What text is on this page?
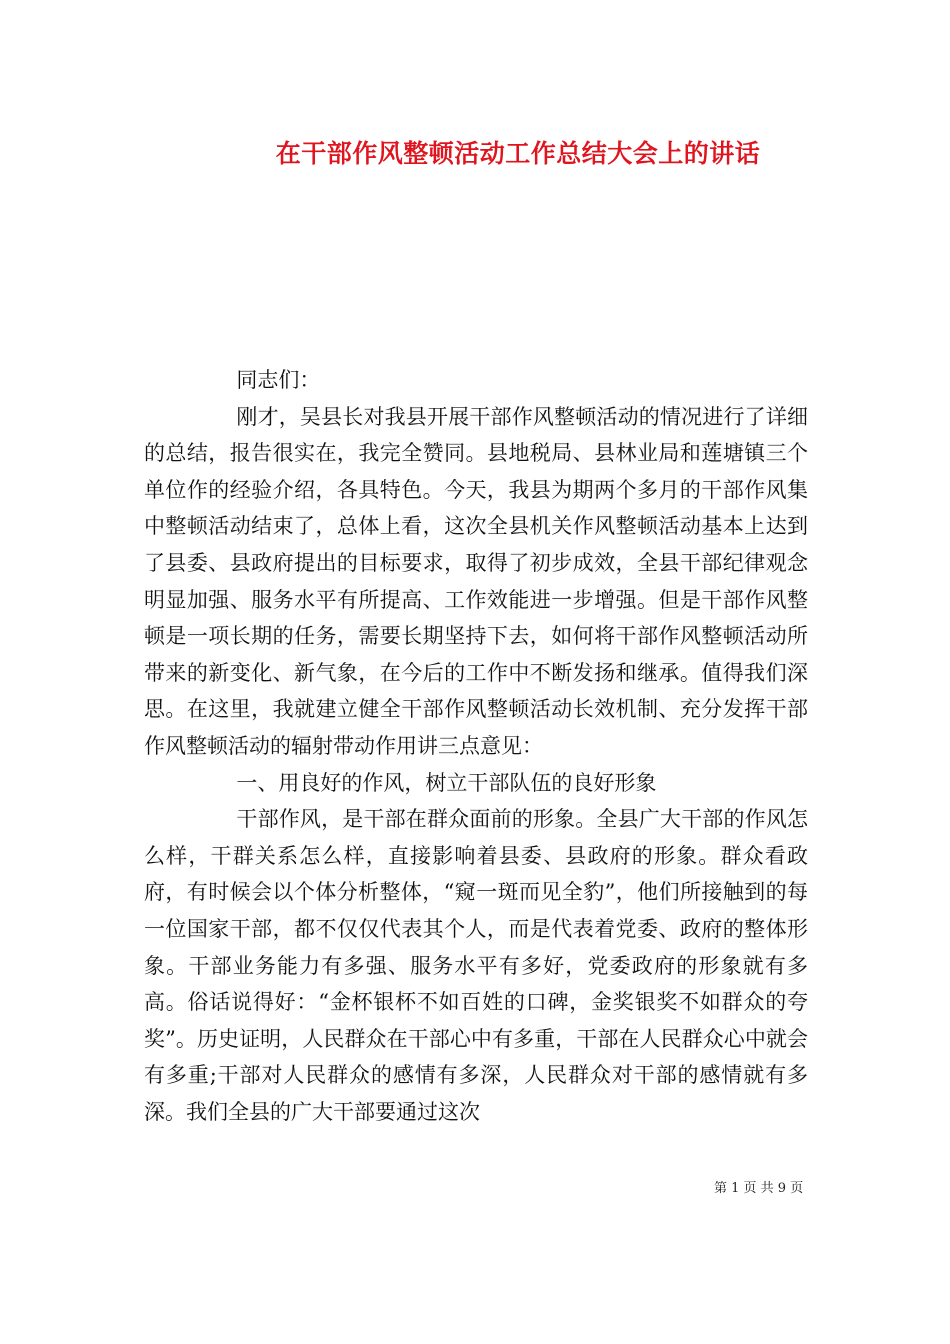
在干部作风整顿活动工作总结大会上的讲话

同志们：

刚才，吴县长对我县开展干部作风整顿活动的情况进行了详细的总结，报告很实在，我完全赞同。县地税局、县林业局和莲塘镇三个单位作的经验介绍，各具特色。今天，我县为期两个多月的干部作风集中整顿活动结束了，总体上看，这次全县机关作风整顿活动基本上达到了县委、县政府提出的目标要求，取得了初步成效，全县干部纪律观念明显加强、服务水平有所提高、工作效能进一步增强。但是干部作风整顿是一项长期的任务，需要长期坚持下去，如何将干部作风整顿活动所带来的新变化、新气象，在今后的工作中不断发扬和继承。值得我们深思。在这里，我就建立健全干部作风整顿活动长效机制、充分发挥干部作风整顿活动的辐射带动作用讲三点意见：

一、用良好的作风，树立干部队伍的良好形象

干部作风，是干部在群众面前的形象。全县广大干部的作风怎么样，干群关系怎么样，直接影响着县委、县政府的形象。群众看政府，有时候会以个体分析整体，“窥一斑而见全豹”，他们所接触到的每一位国家干部，都不仅仅代表其个人，而是代表着党委、政府的整体形象。干部业务能力有多强、服务水平有多好，党委政府的形象就有多高。俗话说得好：“金杯银杯不如百姓的口碑，金奖银奖不如群众的夸奖”。历史证明，人民群众在干部心中有多重，干部在人民群众心中就会有多重;干部对人民群众的感情有多深，人民群众对干部的感情就有多深。我们全县的广大干部要通过这次

第 1 页 共 9 页
